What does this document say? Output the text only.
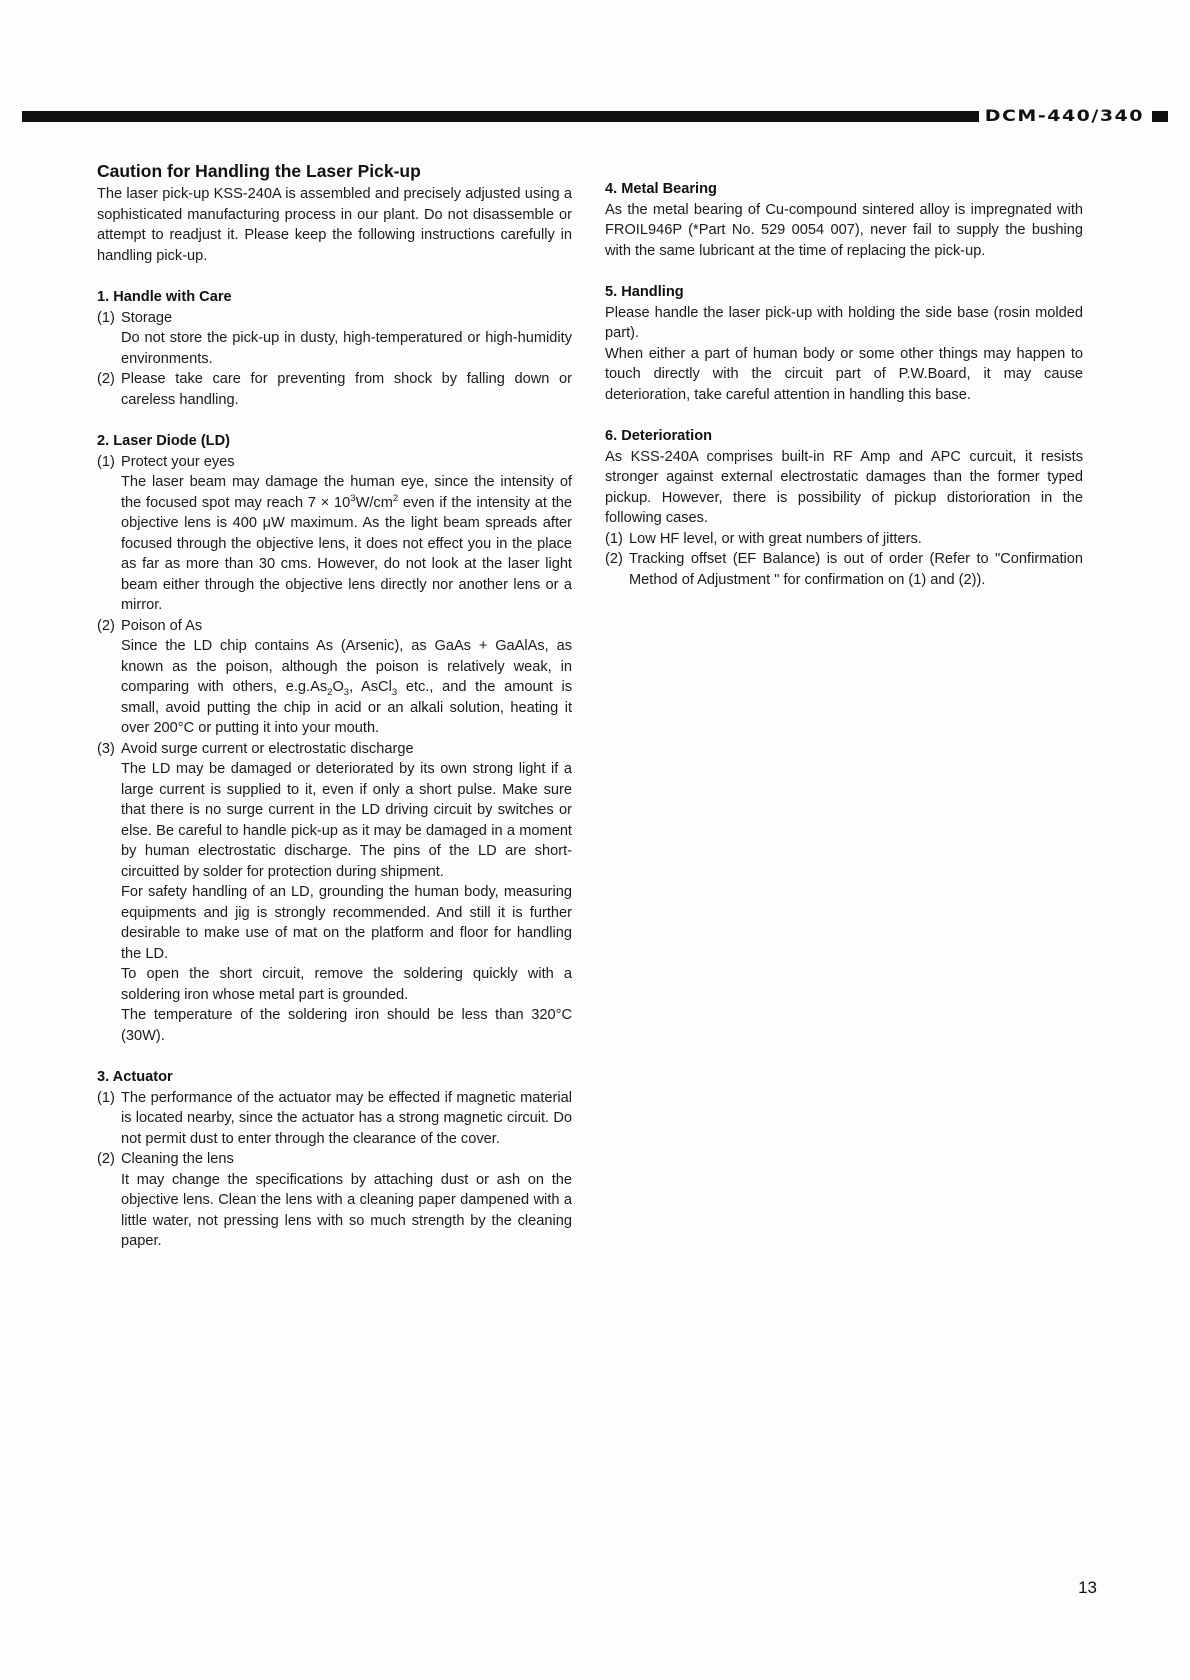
DCM-440/340
Caution for Handling the Laser Pick-up

The laser pick-up KSS-240A is assembled and precisely adjusted using a sophisticated manufacturing process in our plant. Do not disassemble or attempt to readjust it. Please keep the following instructions carefully in handling pick-up.

1. Handle with Care
(1) Storage

Do not store the pick-up in dusty, high-temperatured or high-humidity environments.

(2) Please take care for preventing from shock by falling down or careless handling.

2. Laser Diode (LD)
(1) Protect your eyes

The laser beam may damage the human eye, since the intensity of the focused spot may reach $7 \times 10^3W/cm^2$ even if the intensity at the objective lens is 400 μW maximum. As the light beam spreads after focused through the objective lens, it does not effect you in the place as far as more than 30 cms. However, do not look at the laser light beam either through the objective lens directly nor another lens or a mirror.

(2) Poison of As

Since the LD chip contains As (Arsenic), as GaAs + GaAlAs, as known as the poison, although the poison is relatively weak, in comparing with others, $e.g.As_2O_3$, AsCl$_3$ etc., and the amount is small, avoid putting the chip in acid or an alkali solution, heating it over 200°C or putting it into your mouth.

(3) Avoid surge current or electrostatic discharge

The LD may be damaged or deteriorated by its own strong light if a large current is supplied to it, even if only a short pulse. Make sure that there is no surge current in the LD driving circuit by switches or else. Be careful to handle pick-up as it may be damaged in a moment by human electrostatic discharge. The pins of the LD are short-circuitted by solder for protection during shipment.

For safety handling of an LD, grounding the human body, measuring equipments and jig is strongly recommended. And still it is further desirable to make use of mat on the platform and floor for handling the LD.

To open the short circuit, remove the soldering quickly with a soldering iron whose metal part is grounded.

The temperature of the soldering iron should be less than 320°C (30W).

3. Actuator
(1) The performance of the actuator may be effected if magnetic material is located nearby, since the actuator has a strong magnetic circuit. Do not permit dust to enter through the clearance of the cover.

(2) Cleaning the lens

It may change the specifications by attaching dust or ash on the objective lens. Clean the lens with a cleaning paper dampened with a little water, not pressing lens with so much strength by the cleaning paper.

4. Metal Bearing

As the metal bearing of Cu-compound sintered alloy is impregnated with FROIL946P (*Part No. 529 0054 007), never fail to supply the bushing with the same lubricant at the time of replacing the pick-up.

5. Handling

Please handle the laser pick-up with holding the side base (rosin molded part).

When either a part of human body or some other things may happen to touch directly with the circuit part of P.W.Board, it may cause deterioration, take careful attention in handling this base.

6. Deterioration

As KSS-240A comprises built-in RF Amp and APC curcuit, it resists stronger against external electrostatic damages than the former typed pickup. However, there is possibility of pickup distorioration in the following cases.

(1) Low HF level, or with great numbers of jitters.

(2) Tracking offset (EF Balance) is out of order (Refer to "Confirmation Method of Adjustment " for confirmation on (1) and (2)).

13
